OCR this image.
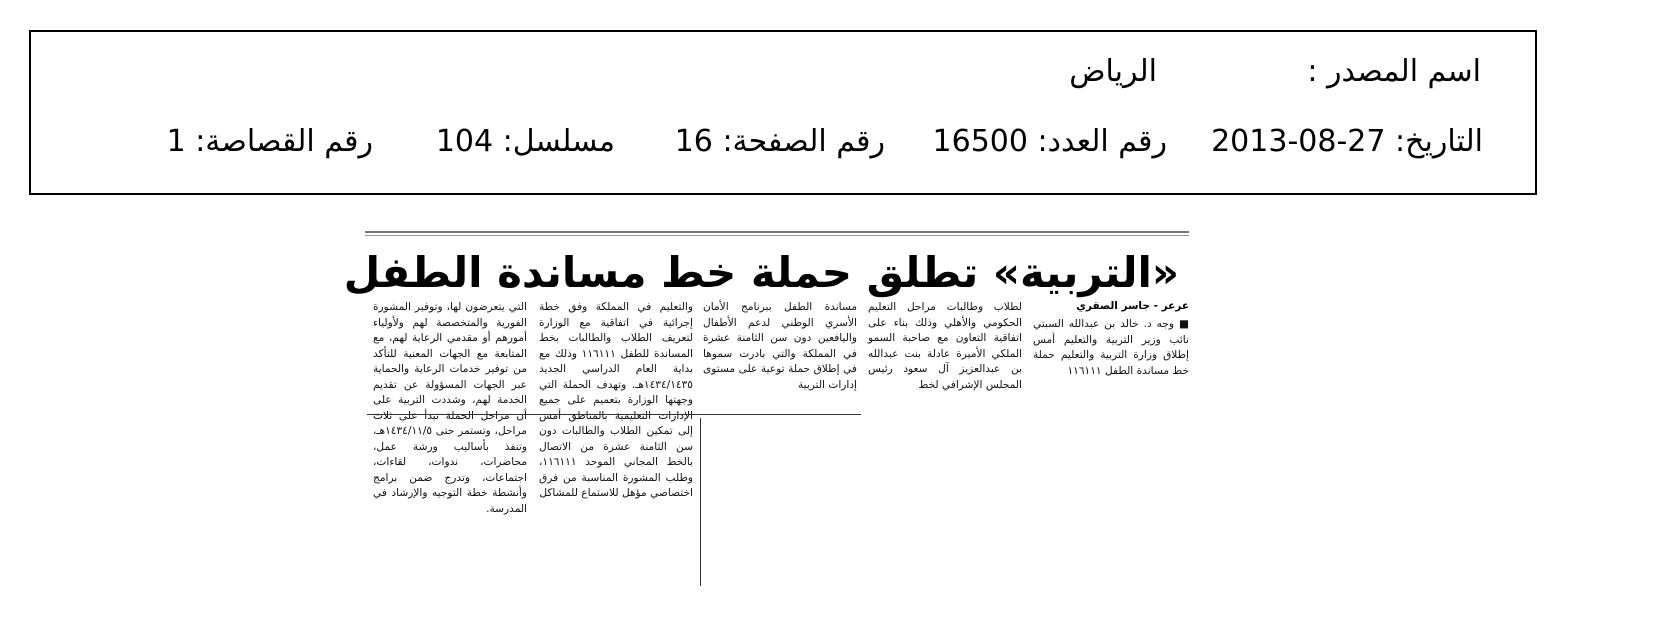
اسم المصدر :
الرياض
التاريخ: 27-08-2013
رقم العدد: 16500
رقم الصفحة: 16
مسلسل: 104
رقم القصاصة: 1
«التربية» تطلق حملة خط مساندة الطفل
عرعر - جاسر الصقري
■ وجه د. خالد بن عبدالله السبتي نائب وزير التربية والتعليم أمس إطلاق وزارة التربية والتعليم حملة خط مساندة الطفل ١١٦١١١
لطلاب وطالبات مراحل التعليم الحكومي والأهلي وذلك بناء على اتفاقية التعاون مع صاحبة السمو الملكي الأميرة عادلة بنت عبدالله بن عبدالعزيز آل سعود رئيس المجلس الإشرافي لخط
مساندة الطفل ببرنامج الأمان الأسري الوطني لدعم الأطفال واليافعين دون سن الثامنة عشرة في المملكة والتي بادرت سموها في إطلاق حملة توعية على مستوى إدارات التربية
والتعليم في المملكة وفق خطة إجرائية في اتفاقية مع الوزارة لتعريف الطلاب والطالبات بخط المساندة للطفل ١١٦١١١ وذلك مع بداية العام الدراسي الجديد ١٤٣٤/١٤٣٥هـ. وتهدف الحملة التي وجهتها الوزارة بتعميم على جميع الإدارات التعليمية بالمناطق أمس إلى تمكين الطلاب والطالبات دون سن الثامنة عشرة من الاتصال بالخط المجاني الموحد ١١٦١١١، وطلب المشورة المناسبة من فرق اختصاصي مؤهل للاستماع للمشاكل
التي يتعرضون لها، وتوفير المشورة الفورية والمتخصصة لهم ولأولياء أمورهم أو مقدمي الرعاية لهم، مع المتابعة مع الجهات المعنية للتأكد من توفير خدمات الرعاية والحماية عبر الجهات المسؤولة عن تقديم الخدمة لهم، وشددت التربية على أن مراحل الحملة تبدأ على ثلاث مراحل، وتستمر حتى ١٤٣٤/١١/٥هـ، وتنفذ بأساليب ورشة عمل، محاضرات، ندوات، لقاءات، اجتماعات، وتدرج ضمن برامج وأنشطة خطة التوجيه والإرشاد في المدرسة.
